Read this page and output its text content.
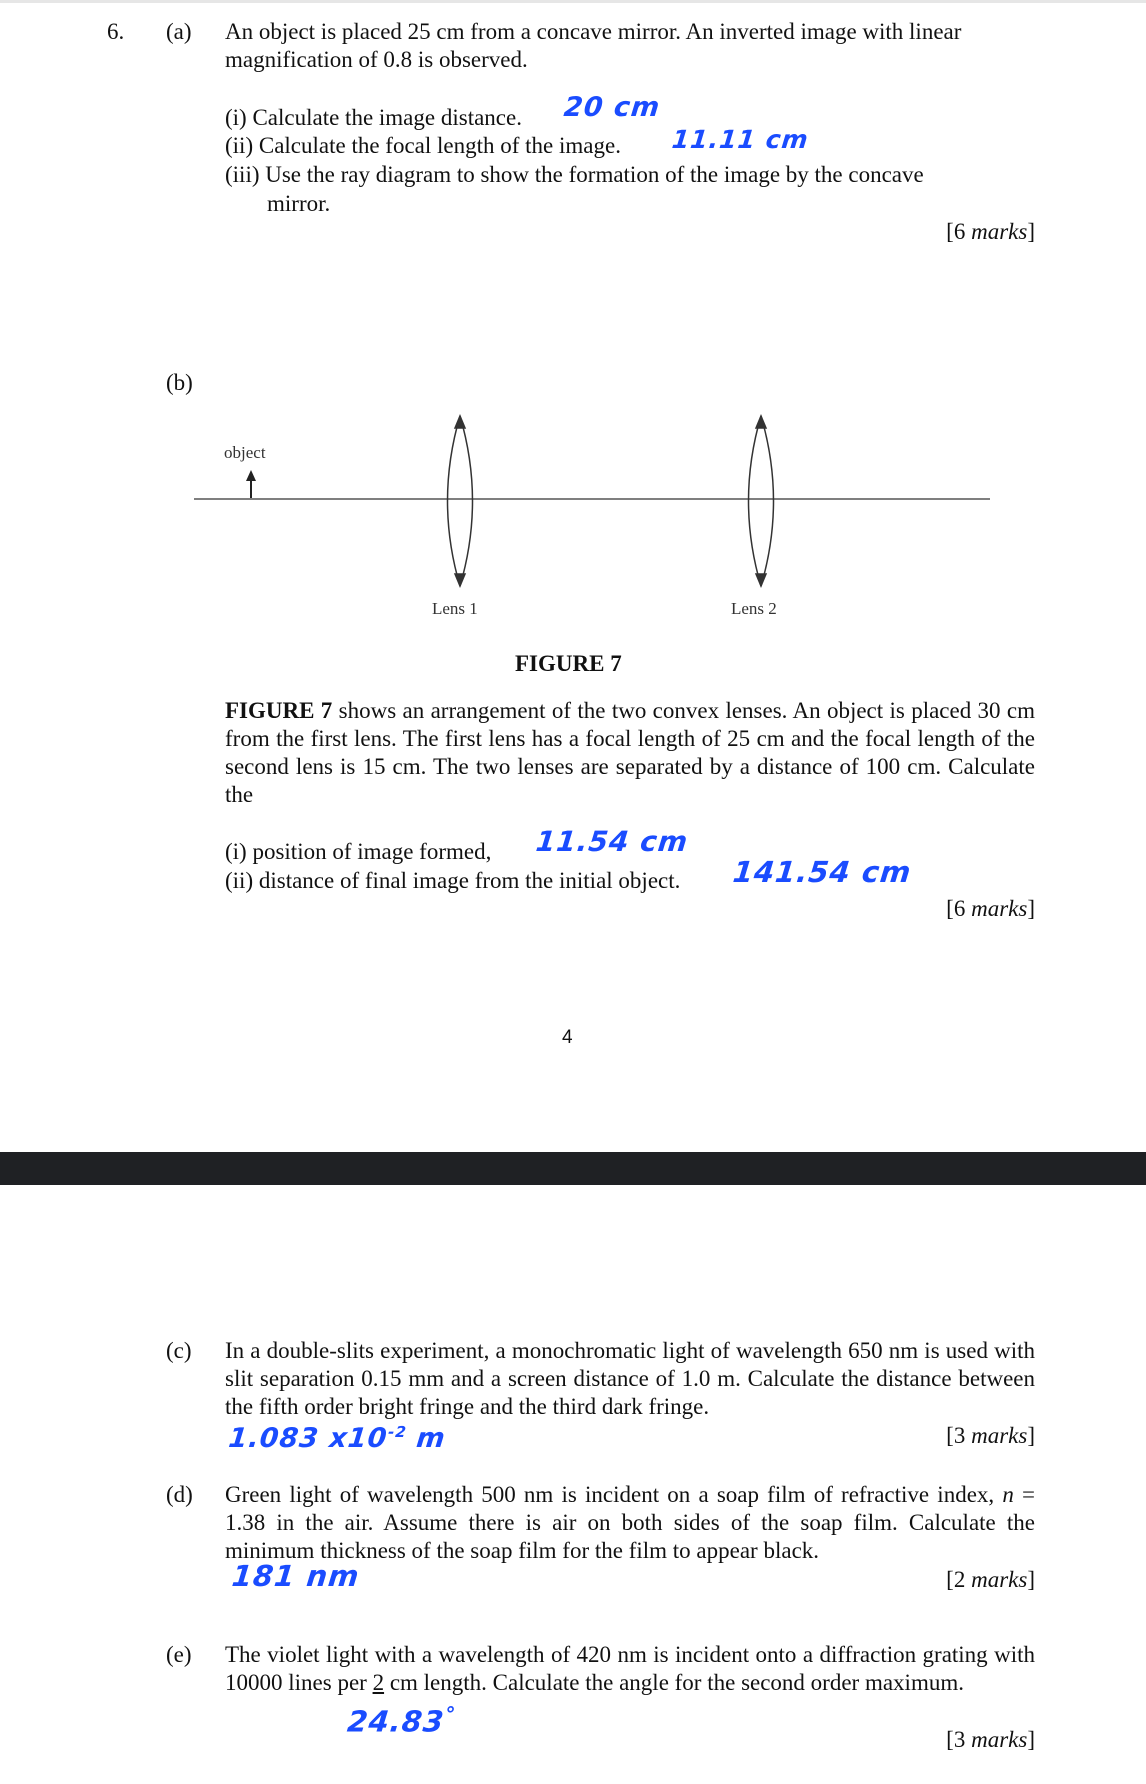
6. (a) An object is placed 25 cm from a concave mirror. An inverted image with linear magnification of 0.8 is observed.
(i) Calculate the image distance. 20 cm
(ii) Calculate the focal length of the image. 11.11 cm
(iii) Use the ray diagram to show the formation of the image by the concave
mirror.
[6 marks]
(b)
object
Lens 1	Lens 2
FIGURE 7
FIGURE 7 shows an arrangement of the two convex lenses. An object is placed 30 cm from the first lens. The first lens has a focal length of 25 cm and the focal length of the second lens is 15 cm. The two lenses are separated by a distance of 100 cm. Calculate the
(i) position of image formed, 11.54 cm
(ii) distance of final image from the initial object. 141.54 cm
[6 marks]
4
(c) In a double-slits experiment, a monochromatic light of wavelength 650 nm is used with slit separation 0.15 mm and a screen distance of 1.0 m. Calculate the distance between the fifth order bright fringe and the third dark fringe.
1.083 $x10^{-2}$ m	[3 marks]
(d) Green light of wavelength 500 nm is incident on a soap film of refractive index, n = 1.38 in the air. Assume there is air on both sides of the soap film. Calculate the minimum thickness of the soap film for the film to appear black.
181 nm	[2 marks]
(e) The violet light with a wavelength of 420 nm is incident onto a diffraction grating with 10000 lines per 2 cm length. Calculate the angle for the second order maximum.
24.83°
[3 marks]
